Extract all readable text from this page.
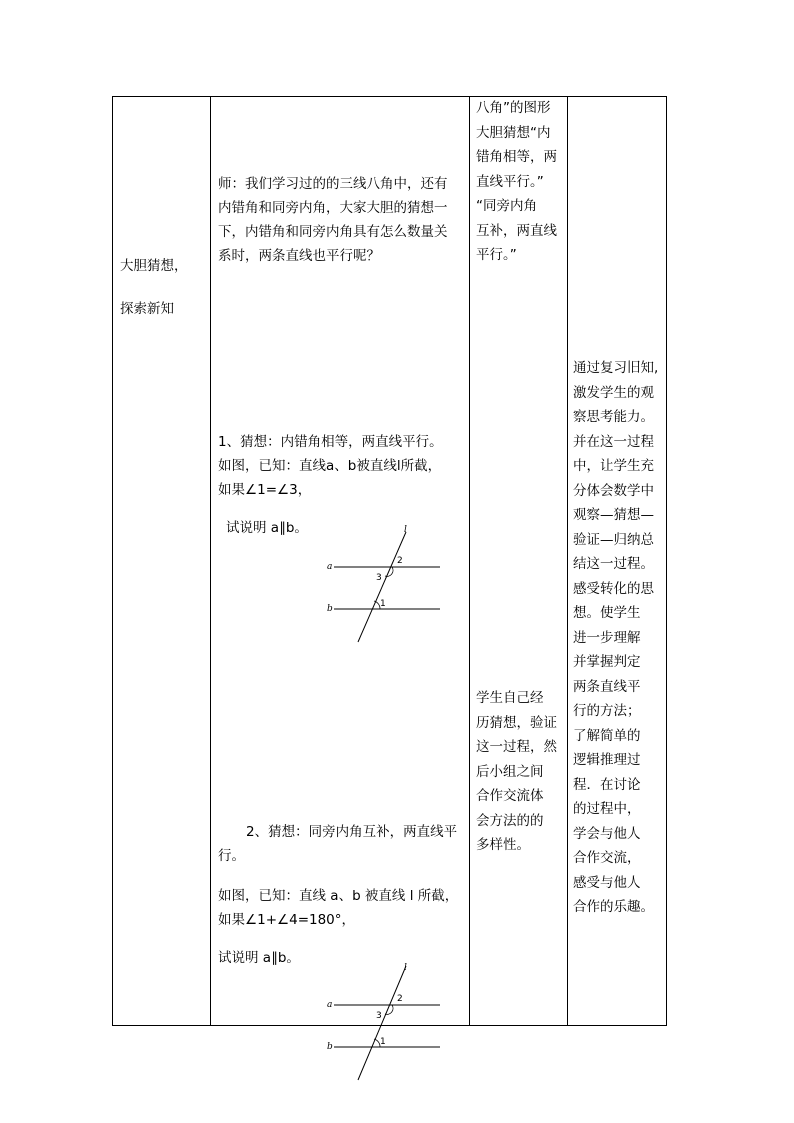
大胆猜想，

探索新知

师：我们学习过的的三线八角中，还有

内错角和同旁内角，大家大胆的猜想一

下，内错角和同旁内角具有怎么数量关

系时，两条直线也平行呢？

1、猜想：内错角相等，两直线平行。

如图，已知：直线a、b被直线l所截，

如果∠1=∠3，

试说明 a∥b。	l
a
b
2
3
1

2、猜想：同旁内角互补，两直线平

行。

如图，已知：直线 a、b 被直线 l 所截，

如果∠1+∠4=180°，

试说明 a∥b。
l
a
b
2
3
1

八角”的图形

大胆猜想“内

错角相等，两

直线平行。”

“同旁内角

互补，两直线

平行。”

学生自己经

历猜想，验证

这一过程，然

后小组之间

合作交流体

会方法的的

多样性。

通过复习旧知,

激发学生的观

察思考能力。

并在这一过程

中，让学生充

分体会数学中

观察—猜想—

验证—归纳总

结这一过程。

感受转化的思

想。使学生

进一步理解

并掌握判定

两条直线平

行的方法；

了解简单的

逻辑推理过

程．在讨论

的过程中，

学会与他人

合作交流，

感受与他人

合作的乐趣。
